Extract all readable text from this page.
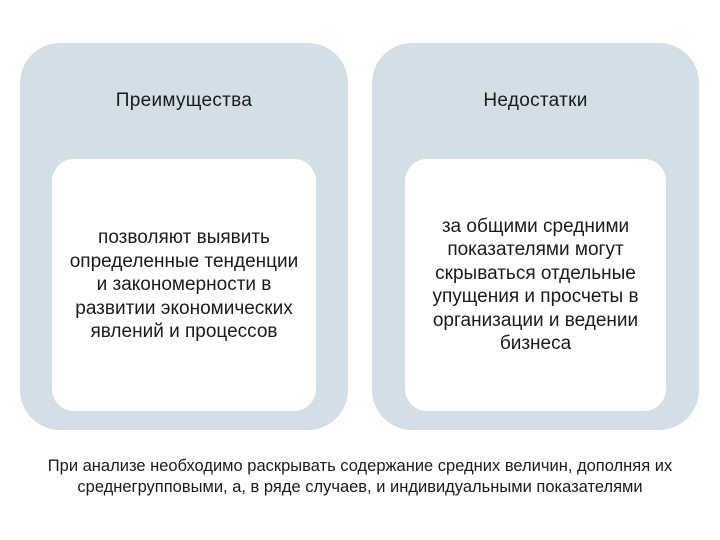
Преимущества
позволяют выявить определенные тенденции и закономерности в развитии экономических явлений и процессов
Недостатки
за общими средними показателями могут скрываться отдельные упущения и просчеты в организации и ведении бизнеса
При анализе необходимо раскрывать содержание средних величин, дополняя их среднегрупповыми, а, в ряде случаев, и индивидуальными показателями
